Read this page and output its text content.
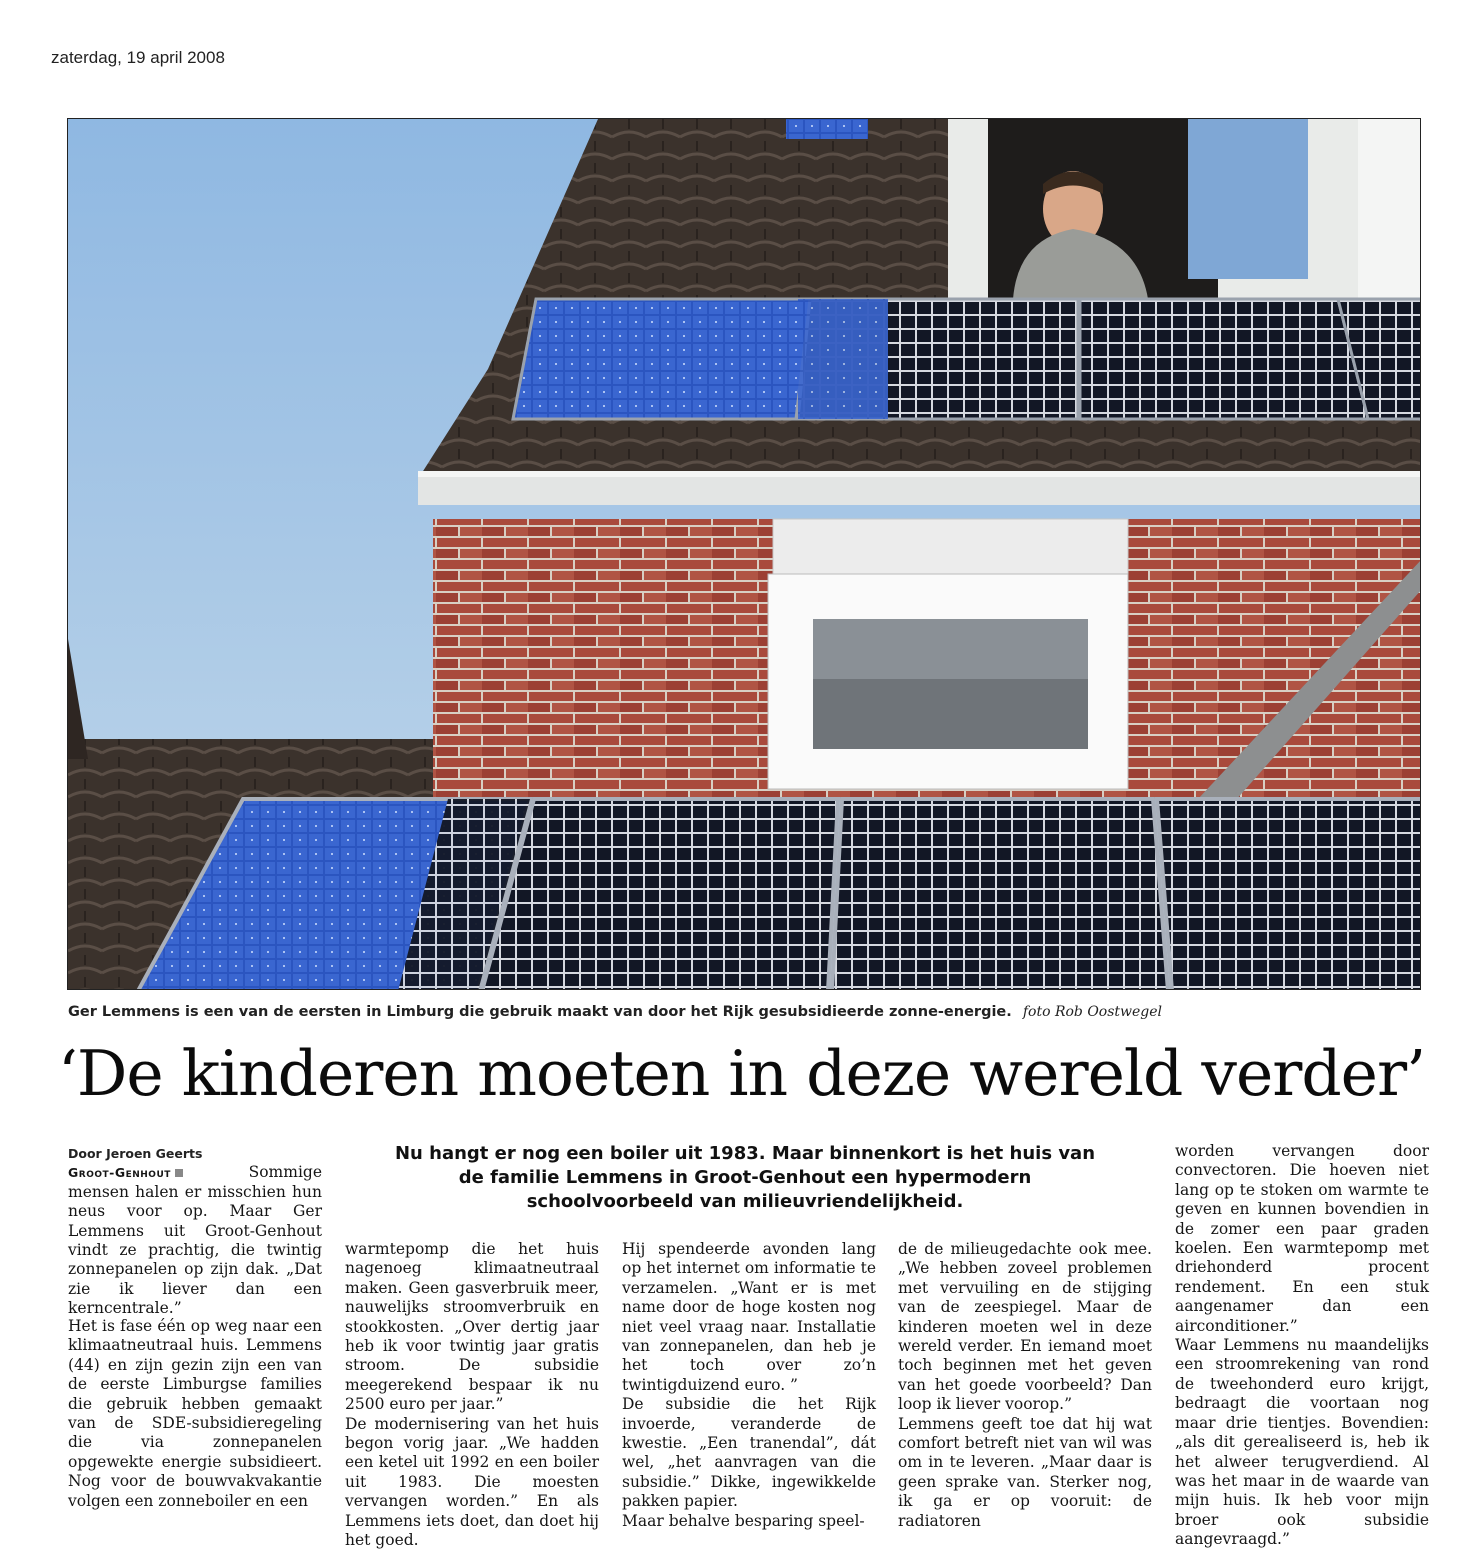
zaterdag, 19 april 2008
Ger Lemmens is een van de eersten in Limburg die gebruik maakt van door het Rijk gesubsidieerde zonne-energie. foto Rob Oostwegel
‘De kinderen moeten in deze wereld verder’
Nu hangt er nog een boiler uit 1983. Maar binnenkort is het huis van
de familie Lemmens in Groot-Genhout een hypermodern
schoolvoorbeeld van milieuvriendelijkheid.
Door Jeroen Geerts
Groot-Genhout	Sommige mensen halen er misschien hun neus voor op. Maar Ger Lemmens uit Groot-Genhout vindt ze prachtig, die twintig zonnepanelen op zijn dak. „Dat zie ik liever dan een kerncentrale.”
Het is fase één op weg naar een klimaatneutraal huis. Lemmens (44) en zijn gezin zijn een van de eerste Limburgse families die gebruik hebben gemaakt van de SDE-subsidieregeling die via zonnepanelen opgewekte energie subsidieert. Nog voor de bouwvakvakantie volgen een zonneboiler en een
warmtepomp die het huis nagenoeg klimaatneutraal maken. Geen gasverbruik meer, nauwelijks stroomverbruik en stookkosten. „Over dertig jaar heb ik voor twintig jaar gratis stroom. De subsidie meegerekend bespaar ik nu 2500 euro per jaar.”
De modernisering van het huis begon vorig jaar. „We hadden een ketel uit 1992 en een boiler uit 1983. Die moesten vervangen worden.” En als Lemmens iets doet, dan doet hij het goed.
Hij spendeerde avonden lang op het internet om informatie te verzamelen. „Want er is met name door de hoge kosten nog niet veel vraag naar. Installatie van zonnepanelen, dan heb je het toch over zo’n twintigduizend euro. ”
De subsidie die het Rijk invoerde, veranderde de kwestie. „Een tranendal”, dát wel, „het aanvragen van die subsidie.” Dikke, ingewikkelde pakken papier.
Maar behalve besparing speel-
de de milieugedachte ook mee. „We hebben zoveel problemen met vervuiling en de stijging van de zeespiegel. Maar de kinderen moeten wel in deze wereld verder. En iemand moet toch beginnen met het geven van het goede voorbeeld? Dan loop ik liever voorop.”
Lemmens geeft toe dat hij wat comfort betreft niet van wil was om in te leveren. „Maar daar is geen sprake van. Sterker nog, ik ga er op vooruit: de radiatoren
worden vervangen door convectoren. Die hoeven niet lang op te stoken om warmte te geven en kunnen bovendien in de zomer een paar graden koelen. Een warmtepomp met driehonderd procent rendement. En een stuk aangenamer dan een airconditioner.”
Waar Lemmens nu maandelijks een stroomrekening van rond de tweehonderd euro krijgt, bedraagt die voortaan nog maar drie tientjes. Bovendien: „als dit gerealiseerd is, heb ik het alweer terugverdiend. Al was het maar in de waarde van mijn huis. Ik heb voor mijn broer ook subsidie aangevraagd.”
